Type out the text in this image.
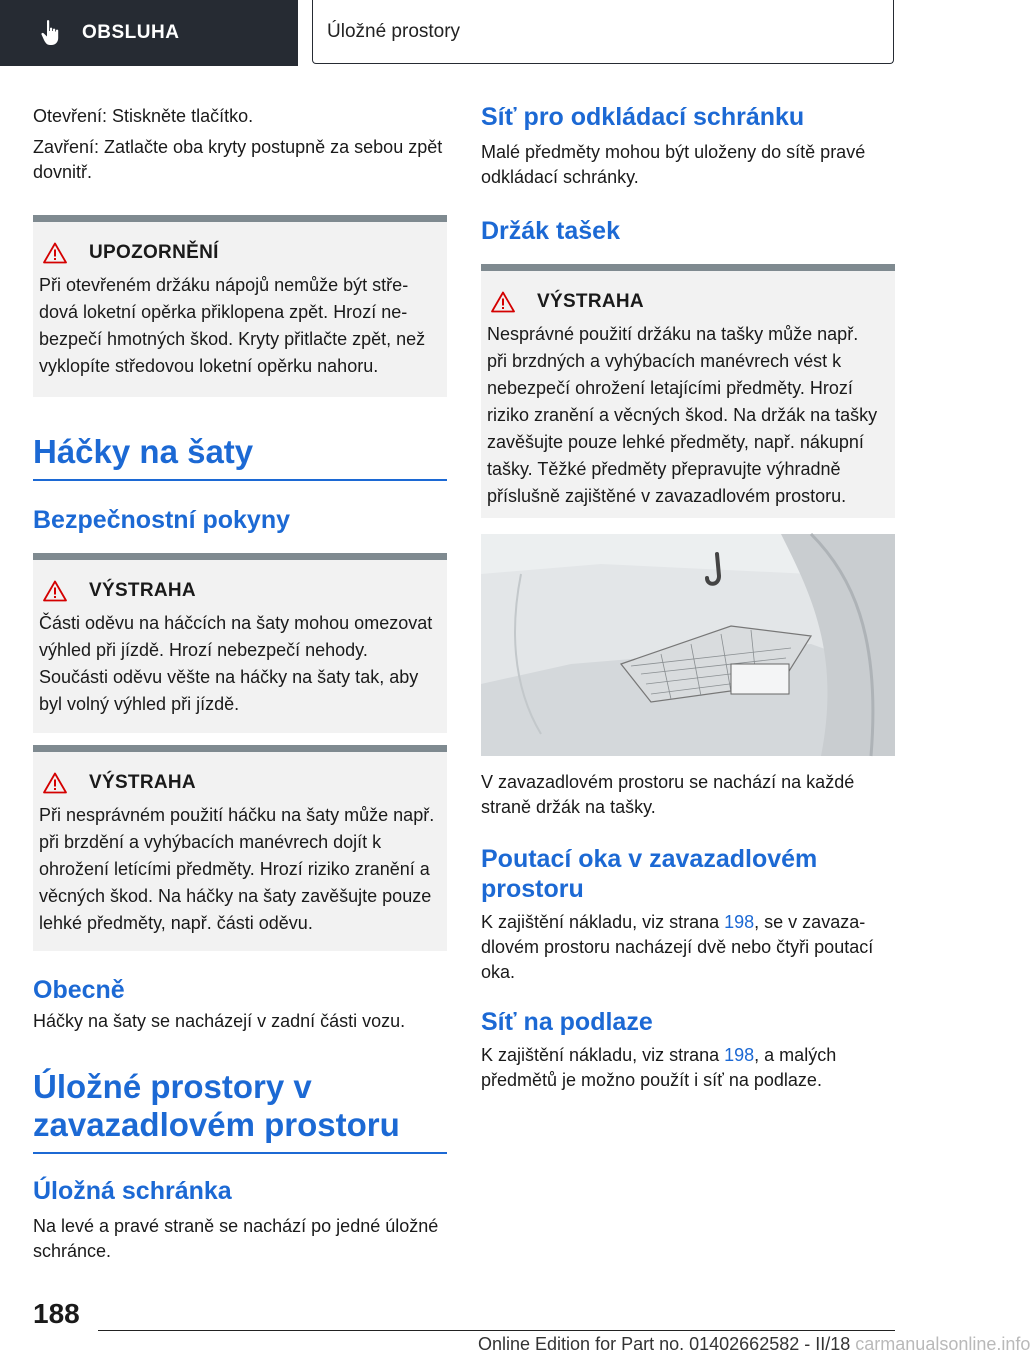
OBSLUHA	Úložné prostory

Otevření: Stiskněte tlačítko.

Zavření: Zatlačte oba kryty postupně za sebou zpět dovnitř.

UPOZORNĚNÍ

Při otevřeném držáku nápojů nemůže být středová loketní opěrka přiklopena zpět. Hrozí nebezpečí hmotných škod. Kryty přitlačte zpět, než vyklopíte středovou loketní opěrku nahoru.

Háčky na šaty
Bezpečnostní pokyny
VÝSTRAHA

Části oděvu na háčcích na šaty mohou omezovat výhled při jízdě. Hrozí nebezpečí nehody. Součásti oděvu věšte na háčky na šaty tak, aby byl volný výhled při jízdě.

VÝSTRAHA

Při nesprávném použití háčku na šaty může např. při brzdění a vyhýbacích manévrech dojít k ohrožení letícími předměty. Hrozí riziko zranění a věcných škod. Na háčky na šaty zavěšujte pouze lehké předměty, např. části oděvu.

Obecně

Háčky na šaty se nacházejí v zadní části vozu.

Úložné prostory v zavazadlovém prostoru
Úložná schránka

Na levé a pravé straně se nachází po jedné úložné schránce.

Síť pro odkládací schránku

Malé předměty mohou být uloženy do sítě pravé odkládací schránky.

Držák tašek
VÝSTRAHA

Nesprávné použití držáku na tašky může např. při brzdných a vyhýbacích manévrech vést k nebezpečí ohrožení letajícími předměty. Hrozí riziko zranění a věcných škod. Na držák na tašky zavěšujte pouze lehké předměty, např. nákupní tašky. Těžké předměty přepravujte výhradně příslušně zajištěné v zavazadlovém prostoru.

V zavazadlovém prostoru se nachází na každé straně držák na tašky.

Poutací oka v zavazadlovém prostoru

K zajištění nákladu, viz strana 198, se v zavazadlovém prostoru nacházejí dvě nebo čtyři poutací oka.

Síť na podlaze

K zajištění nákladu, viz strana 198, a malých předmětů je možno použít i síť na podlaze.

188
Online Edition for Part no. 01402662582 - II/18 carmanualsonline.info
